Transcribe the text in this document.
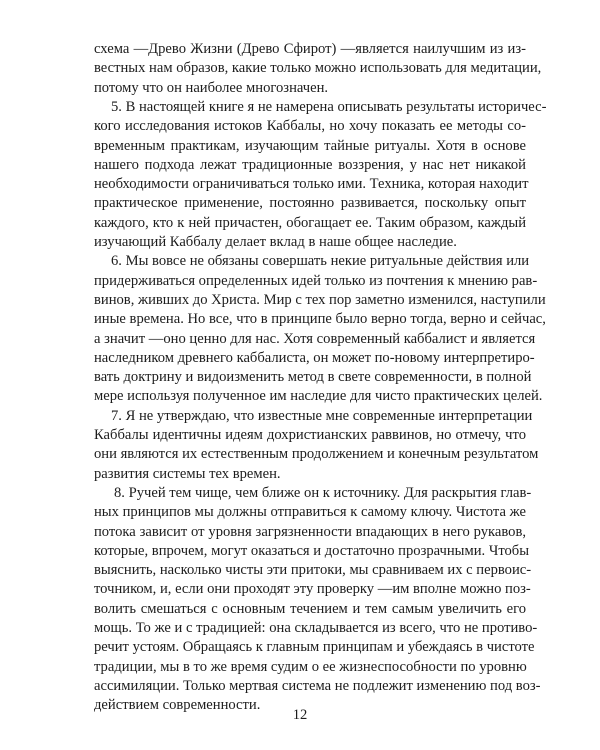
схема —Древо Жизни (Древо Сфирот) —является наилучшим из из-
вестных нам образов, какие только можно использовать для медитации,
потому что он наиболее многозначен.
5. В настоящей книге я не намерена описывать результаты историчес-
кого исследования истоков Каббалы, но хочу показать ее методы со-
временным практикам, изучающим тайные ритуалы. Хотя в основе
нашего подхода лежат традиционные воззрения, у нас нет никакой
необходимости ограничиваться только ими. Техника, которая находит
практическое применение, постоянно развивается, поскольку опыт
каждого, кто к ней причастен, обогащает ее. Таким образом, каждый
изучающий Каббалу делает вклад в наше общее наследие.
6. Мы вовсе не обязаны совершать некие ритуальные действия или
придерживаться определенных идей только из почтения к мнению рав-
винов, живших до Христа. Мир с тех пор заметно изменился, наступили
иные времена. Но все, что в принципе было верно тогда, верно и сейчас,
а значит —оно ценно для нас. Хотя современный каббалист и является
наследником древнего каббалиста, он может по-новому интерпретиро-
вать доктрину и видоизменить метод в свете современности, в полной
мере используя полученное им наследие для чисто практических целей.
7. Я не утверждаю, что известные мне современные интерпретации
Каббалы идентичны идеям дохристианских раввинов, но отмечу, что
они являются их естественным продолжением и конечным результатом
развития системы тех времен.
8. Ручей тем чище, чем ближе он к источнику. Для раскрытия глав-
ных принципов мы должны отправиться к самому ключу. Чистота же
потока зависит от уровня загрязненности впадающих в него рукавов,
которые, впрочем, могут оказаться и достаточно прозрачными. Чтобы
выяснить, насколько чисты эти притоки, мы сравниваем их с первоис-
точником, и, если они проходят эту проверку —им вполне можно поз-
волить смешаться с основным течением и тем самым увеличить его
мощь. То же и с традицией: она складывается из всего, что не противо-
речит устоям. Обращаясь к главным принципам и убеждаясь в чистоте
традиции, мы в то же время судим о ее жизнеспособности по уровню
ассимиляции. Только мертвая система не подлежит изменению под воз-
действием современности.
12
